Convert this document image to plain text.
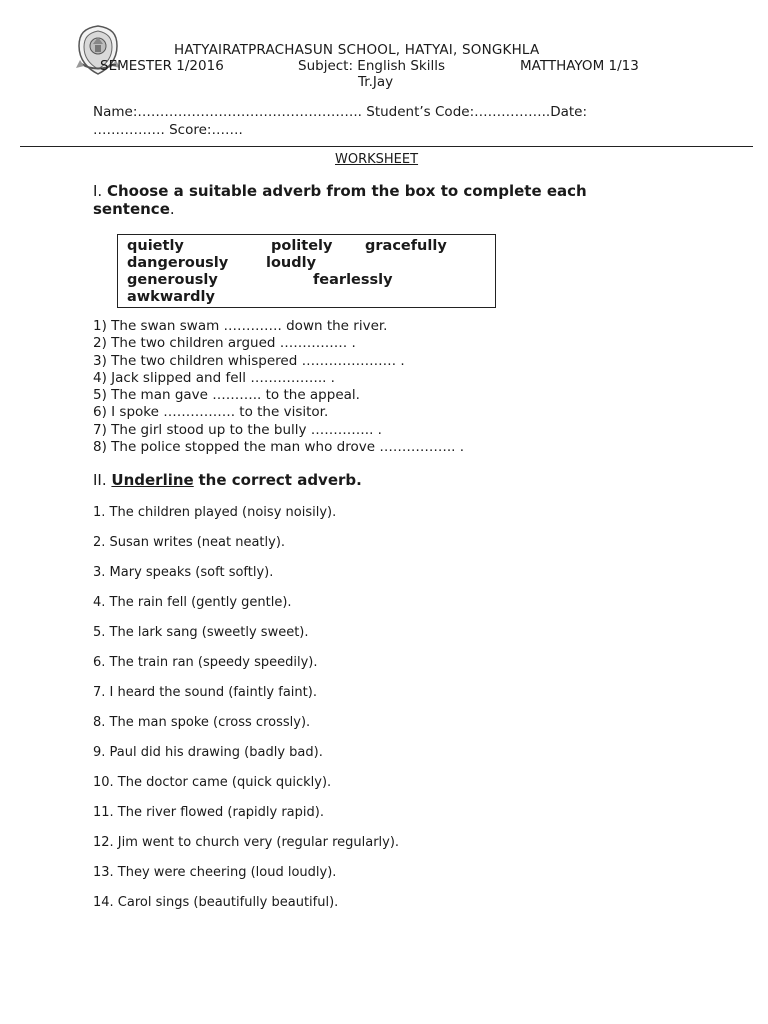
HATYAIRATPRACHASUN SCHOOL, HATYAI, SONGKHLA
SEMESTER 1/2016	Subject: English Skills	MATTHAYOM 1/13
Tr.Jay
Name:………………………………………….. Student’s Code:……………..Date:
……………. Score:…….
WORKSHEET
I. Choose a suitable adverb from the box to complete each sentence.
quietly	politely gracefully
dangerously	loudly
generously	fearlessly
awkwardly
1) The swan swam …………. down the river.
2) The two children argued …………… .
3) The two children whispered ………………… .
4) Jack slipped and fell …………….. .
5) The man gave ……….. to the appeal.
6) I spoke ……………. to the visitor.
7) The girl stood up to the bully ………….. .
8) The police stopped the man who drove …………….. .
II. Underline the correct adverb.
1. The children played (noisy noisily).
2. Susan writes (neat neatly).
3. Mary speaks (soft softly).
4. The rain fell (gently gentle).
5. The lark sang (sweetly sweet).
6. The train ran (speedy speedily).
7. I heard the sound (faintly faint).
8. The man spoke (cross crossly).
9. Paul did his drawing (badly bad).
10. The doctor came (quick quickly).
11. The river flowed (rapidly rapid).
12. Jim went to church very (regular regularly).
13. They were cheering (loud loudly).
14. Carol sings (beautifully beautiful).
